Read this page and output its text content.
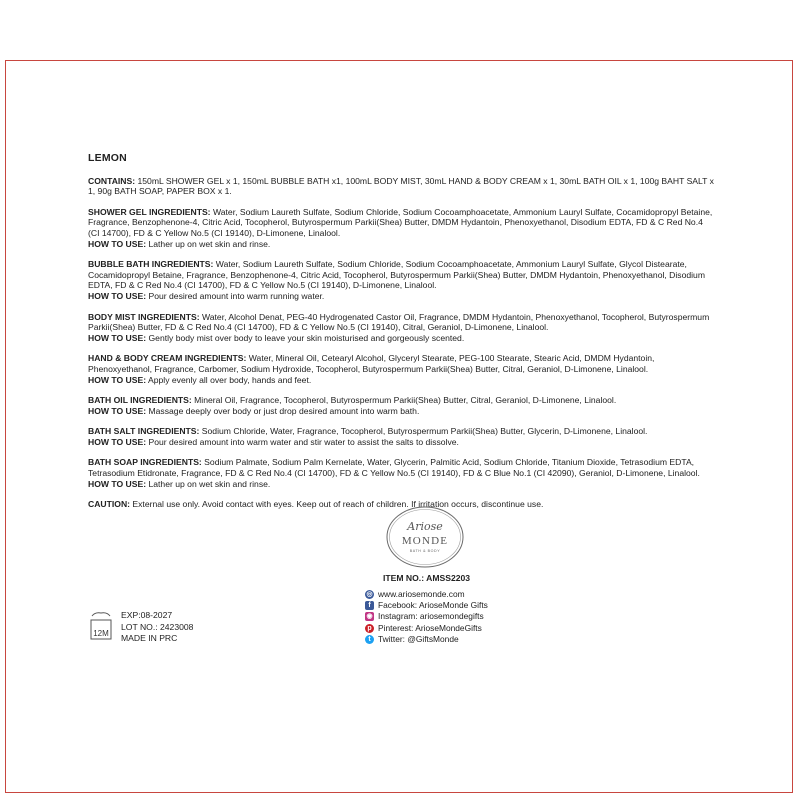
LEMON
CONTAINS: 150mL SHOWER GEL x 1, 150mL BUBBLE BATH x1, 100mL BODY MIST, 30mL HAND & BODY CREAM x 1, 30mL BATH OIL x 1, 100g BAHT SALT x 1, 90g BATH SOAP, PAPER BOX x 1.
SHOWER GEL INGREDIENTS: Water, Sodium Laureth Sulfate, Sodium Chloride, Sodium Cocoamphoacetate, Ammonium Lauryl Sulfate, Cocamidopropyl Betaine, Fragrance, Benzophenone-4, Citric Acid, Tocopherol, Butyrospermum Parkii(Shea) Butter, DMDM Hydantoin, Phenoxyethanol, Disodium EDTA, FD & C Red No.4 (CI 14700), FD & C Yellow No.5 (CI 19140), D-Limonene, Linalool.
HOW TO USE: Lather up on wet skin and rinse.
BUBBLE BATH INGREDIENTS: Water, Sodium Laureth Sulfate, Sodium Chloride, Sodium Cocoamphoacetate, Ammonium Lauryl Sulfate, Glycol Distearate, Cocamidopropyl Betaine, Fragrance, Benzophenone-4, Citric Acid, Tocopherol, Butyrospermum Parkii(Shea) Butter, DMDM Hydantoin, Phenoxyethanol, Disodium EDTA, FD & C Red No.4 (CI 14700), FD & C Yellow No.5 (CI 19140), D-Limonene, Linalool.
HOW TO USE: Pour desired amount into warm running water.
BODY MIST INGREDIENTS: Water, Alcohol Denat, PEG-40 Hydrogenated Castor Oil, Fragrance, DMDM Hydantoin, Phenoxyethanol, Tocopherol, Butyrospermum Parkii(Shea) Butter, FD & C Red No.4 (CI 14700), FD & C Yellow No.5 (CI 19140), Citral, Geraniol, D-Limonene, Linalool.
HOW TO USE: Gently body mist over body to leave your skin moisturised and gorgeously scented.
HAND & BODY CREAM INGREDIENTS: Water, Mineral Oil, Cetearyl Alcohol, Glyceryl Stearate, PEG-100 Stearate, Stearic Acid, DMDM Hydantoin, Phenoxyethanol, Fragrance, Carbomer, Sodium Hydroxide, Tocopherol, Butyrospermum Parkii(Shea) Butter, Citral, Geraniol, D-Limonene, Linalool.
HOW TO USE: Apply evenly all over body, hands and feet.
BATH OIL INGREDIENTS: Mineral Oil, Fragrance, Tocopherol, Butyrospermum Parkii(Shea) Butter, Citral, Geraniol, D-Limonene, Linalool.
HOW TO USE: Massage deeply over body or just drop desired amount into warm bath.
BATH SALT INGREDIENTS: Sodium Chloride, Water, Fragrance, Tocopherol, Butyrospermum Parkii(Shea) Butter, Glycerin, D-Limonene, Linalool.
HOW TO USE: Pour desired amount into warm water and stir water to assist the salts to dissolve.
BATH SOAP INGREDIENTS: Sodium Palmate, Sodium Palm Kernelate, Water, Glycerin, Palmitic Acid, Sodium Chloride, Titanium Dioxide, Tetrasodium EDTA, Tetrasodium Etidronate, Fragrance, FD & C Red No.4 (CI 14700), FD & C Yellow No.5 (CI 19140), FD & C Blue No.1 (CI 42090), Geraniol, D-Limonene, Linalool.
HOW TO USE: Lather up on wet skin and rinse.
CAUTION: External use only. Avoid contact with eyes. Keep out of reach of children. If irritation occurs, discontinue use.
Ariose
MONDE
BATH & BODY
ITEM NO.: AMSS2203
◎ www.ariosemonde.com
f Facebook: AriosеMonde Gifts
◉ Instagram: ariosemondegifts
p Pinterest: AriosеMondeGifts
t Twitter: @GiftsMonde
12M
EXP:08-2027
LOT NO.: 2423008
MADE IN PRC
